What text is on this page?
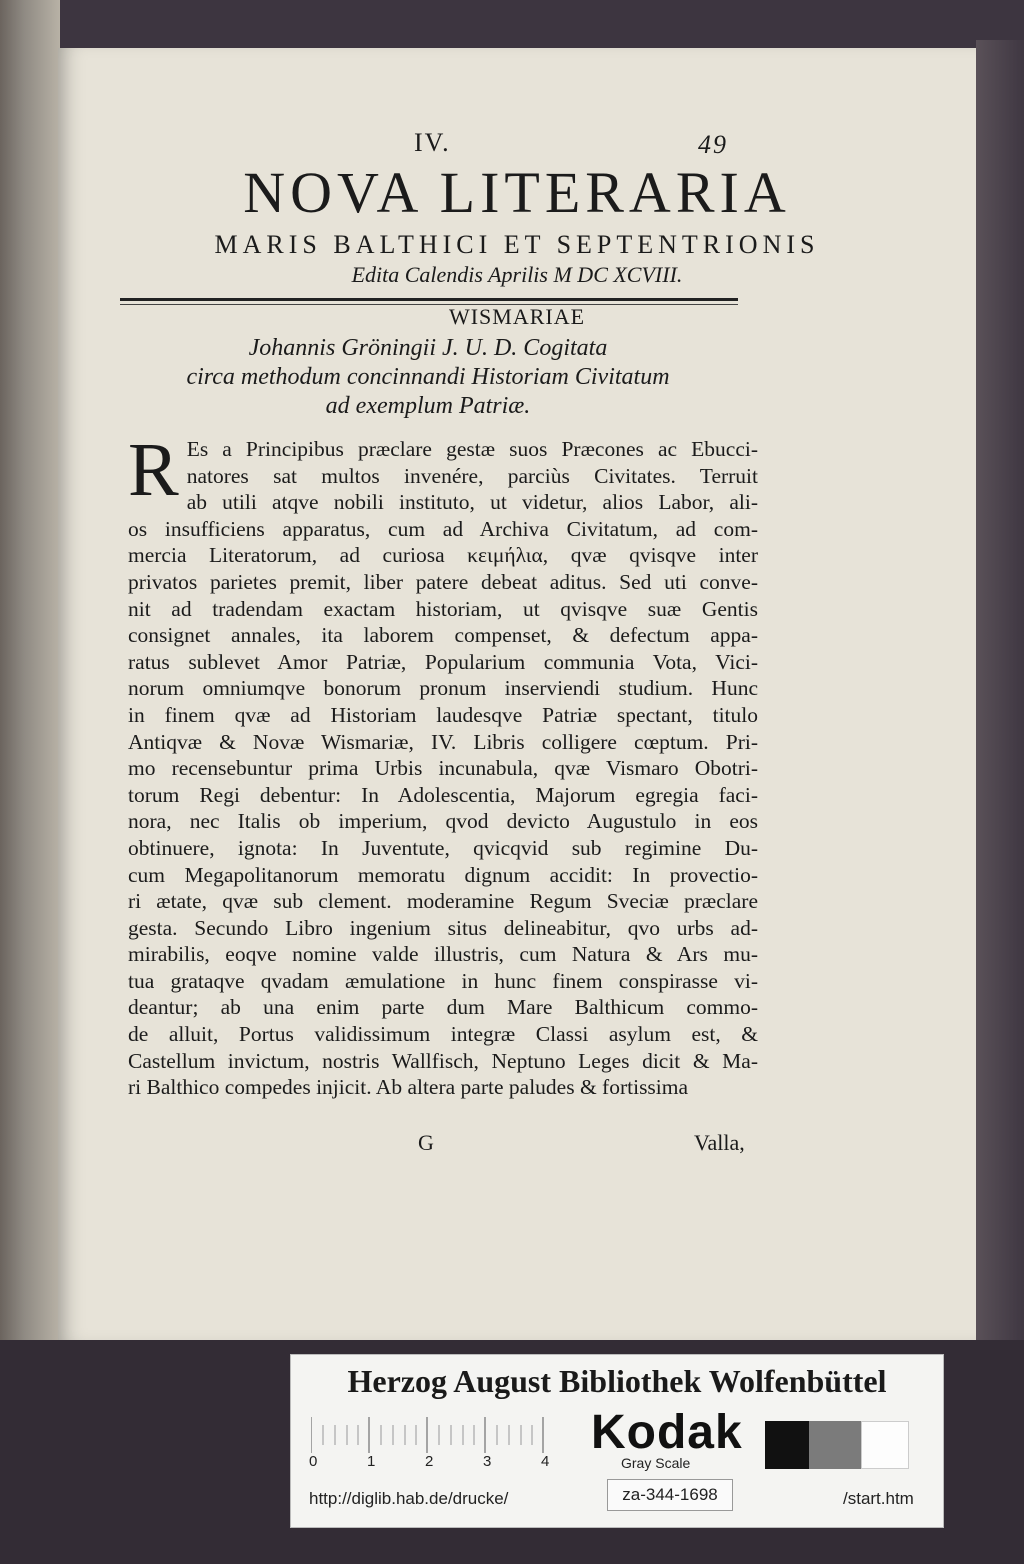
IV.	49
NOVA LITERARIA
MARIS BALTHICI ET SEPTENTRIONIS
Edita Calendis Aprilis M DC XCVIII.
WISMARIAE
Johannis Gröningii J. U. D. Cogitata
circa methodum concinnandi Historiam Civitatum
ad exemplum Patriæ.
R Es a Principibus præclare gestæ suos Præcones ac Ebucci-

natores sat multos invenére, parciùs Civitates. Terruit

ab utili atqve nobili instituto, ut videtur, alios Labor, ali-

os insufficiens apparatus, cum ad Archiva Civitatum, ad com-

mercia Literatorum, ad curiosa κειμήλια, qvæ qvisqve inter

privatos parietes premit, liber patere debeat aditus. Sed uti conve-

nit ad tradendam exactam historiam, ut qvisqve suæ Gentis

consignet annales, ita laborem compenset, & defectum appa-

ratus sublevet Amor Patriæ, Popularium communia Vota, Vici-

norum omniumqve bonorum pronum inserviendi studium. Hunc

in finem qvæ ad Historiam laudesqve Patriæ spectant, titulo

Antiqvæ & Novæ Wismariæ, IV. Libris colligere cœptum. Pri-

mo recensebuntur prima Urbis incunabula, qvæ Vismaro Obotri-

torum Regi debentur: In Adolescentia, Majorum egregia faci-

nora, nec Italis ob imperium, qvod devicto Augustulo in eos

obtinuere, ignota: In Juventute, qvicqvid sub regimine Du-

cum Megapolitanorum memoratu dignum accidit: In provectio-

ri ætate, qvæ sub clement. moderamine Regum Sveciæ præclare

gesta. Secundo Libro ingenium situs delineabitur, qvo urbs ad-

mirabilis, eoqve nomine valde illustris, cum Natura & Ars mu-

tua grataqve qvadam æmulatione in hunc finem conspirasse vi-

deantur; ab una enim parte dum Mare Balthicum commo-

de alluit, Portus validissimum integræ Classi asylum est, &

Castellum invictum, nostris Wallfisch, Neptuno Leges dicit & Ma-

ri Balthico compedes injicit. Ab altera parte paludes & fortissima

G	Valla,
Herzog August Bibliothek Wolfenbüttel
0	1	2	3	4
Kodak
Gray Scale
http://diglib.hab.de/drucke/	za-344-1698	/start.htm
